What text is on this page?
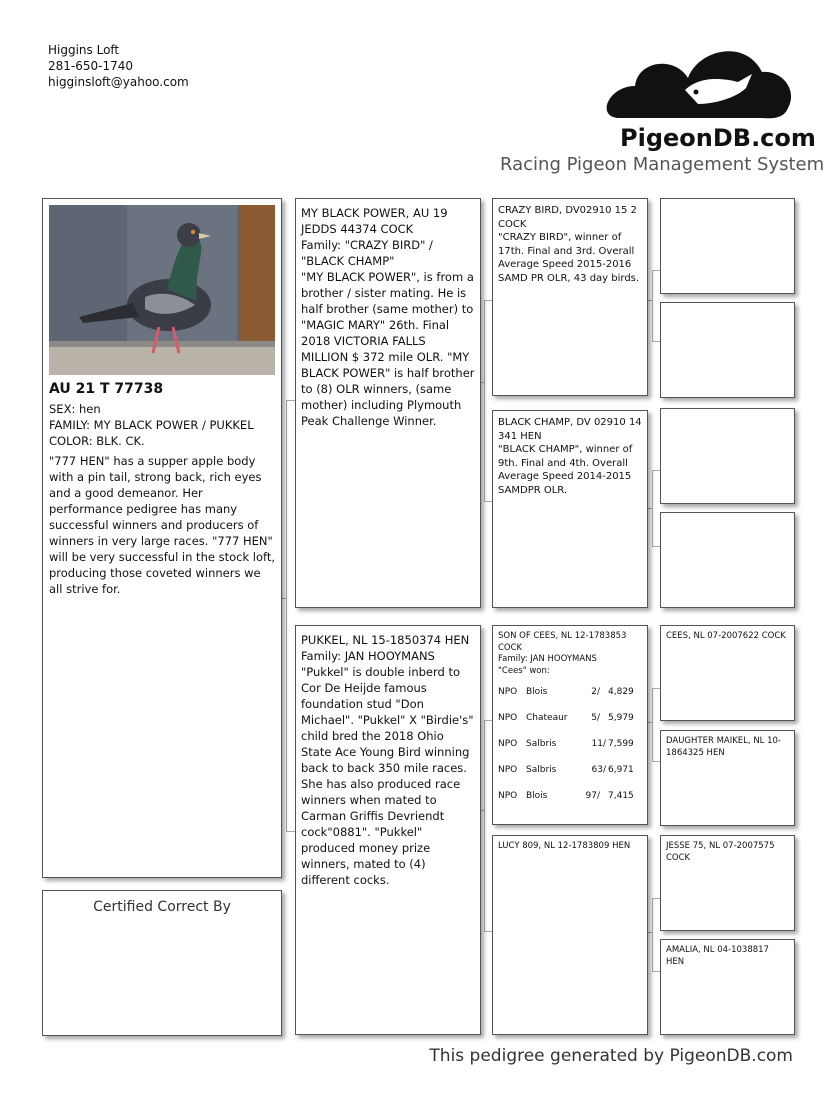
Higgins Loft
281-650-1740
higginsloft@yahoo.com
PigeonDB.com
Racing Pigeon Management System
AU 21 T 77738
SEX: hen
FAMILY: MY BLACK POWER / PUKKEL
COLOR: BLK. CK.
"777 HEN" has a supper apple body with a pin tail, strong back, rich eyes and a good demeanor. Her performance pedigree has many successful winners and producers of winners in very large races. "777 HEN" will be very successful in the stock loft, producing those coveted winners we all strive for.
Certified Correct By
MY BLACK POWER, AU 19 JEDDS 44374 COCK
Family: "CRAZY BIRD" / "BLACK CHAMP"
"MY BLACK POWER", is from a brother / sister mating. He is half brother (same mother) to "MAGIC MARY" 26th. Final 2018 VICTORIA FALLS MILLION $ 372 mile OLR. "MY BLACK POWER" is half brother to (8) OLR winners, (same mother) including Plymouth Peak Challenge Winner.
PUKKEL, NL 15-1850374 HEN
Family: JAN HOOYMANS
"Pukkel" is double inberd to Cor De Heijde famous foundation stud "Don Michael". "Pukkel" X "Birdie's" child bred the 2018 Ohio State Ace Young Bird winning back to back 350 mile races. She has also produced race winners when mated to Carman Griffis Devriendt cock"0881". "Pukkel" produced money prize winners, mated to (4) different cocks.
CRAZY BIRD, DV02910 15 2 COCK
"CRAZY BIRD", winner of 17th. Final and 3rd. Overall Average Speed 2015-2016 SAMD PR OLR, 43 day birds.
BLACK CHAMP, DV 02910 14 341 HEN
"BLACK CHAMP", winner of 9th. Final and 4th. Overall Average Speed 2014-2015 SAMDPR OLR.
SON OF CEES, NL 12-1783853 COCK
Family: JAN HOOYMANS
"Cees" won:
NPO	Blois	2/	4,829
NPO	Chateaur	5/	5,979
NPO	Salbris	11/	7,599
NPO	Salbris	63/	6,971
NPO	Blois	97/	7,415
LUCY 809, NL 12-1783809 HEN
CEES, NL 07-2007622 COCK
DAUGHTER MAIKEL, NL 10-1864325 HEN
JESSE 75, NL 07-2007575 COCK
AMALIA, NL 04-1038817 HEN
This pedigree generated by PigeonDB.com
